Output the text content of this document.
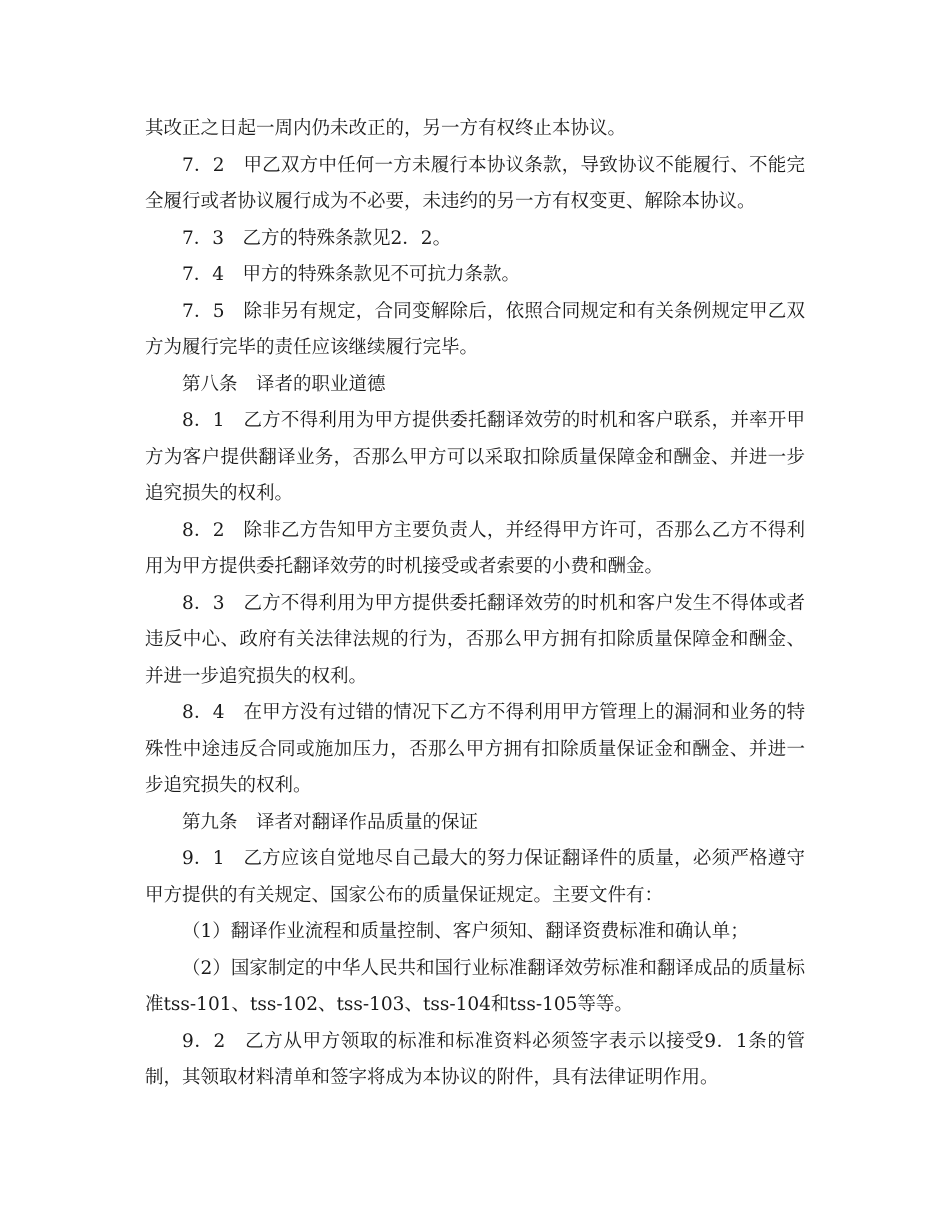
其改正之日起一周内仍未改正的，另一方有权终止本协议。

7．2　甲乙双方中任何一方未履行本协议条款，导致协议不能履行、不能完全履行或者协议履行成为不必要，未违约的另一方有权变更、解除本协议。

7．3　乙方的特殊条款见2．2。

7．4　甲方的特殊条款见不可抗力条款。

7．5　除非另有规定，合同变解除后，依照合同规定和有关条例规定甲乙双方为履行完毕的责任应该继续履行完毕。

第八条　译者的职业道德

8．1　乙方不得利用为甲方提供委托翻译效劳的时机和客户联系，并率开甲方为客户提供翻译业务，否那么甲方可以采取扣除质量保障金和酬金、并进一步追究损失的权利。

8．2　除非乙方告知甲方主要负责人，并经得甲方许可，否那么乙方不得利用为甲方提供委托翻译效劳的时机接受或者索要的小费和酬金。

8．3　乙方不得利用为甲方提供委托翻译效劳的时机和客户发生不得体或者违反中心、政府有关法律法规的行为，否那么甲方拥有扣除质量保障金和酬金、并进一步追究损失的权利。

8．4　在甲方没有过错的情况下乙方不得利用甲方管理上的漏洞和业务的特殊性中途违反合同或施加压力，否那么甲方拥有扣除质量保证金和酬金、并进一步追究损失的权利。

第九条　译者对翻译作品质量的保证

9．1　乙方应该自觉地尽自己最大的努力保证翻译件的质量，必须严格遵守甲方提供的有关规定、国家公布的质量保证规定。主要文件有：

（1）翻译作业流程和质量控制、客户须知、翻译资费标准和确认单；

（2）国家制定的中华人民共和国行业标准翻译效劳标准和翻译成品的质量标准tss-101、tss-102、tss-103、tss-104和tss-105等等。

9．2　乙方从甲方领取的标准和标准资料必须签字表示以接受9．1条的管制，其领取材料清单和签字将成为本协议的附件，具有法律证明作用。
